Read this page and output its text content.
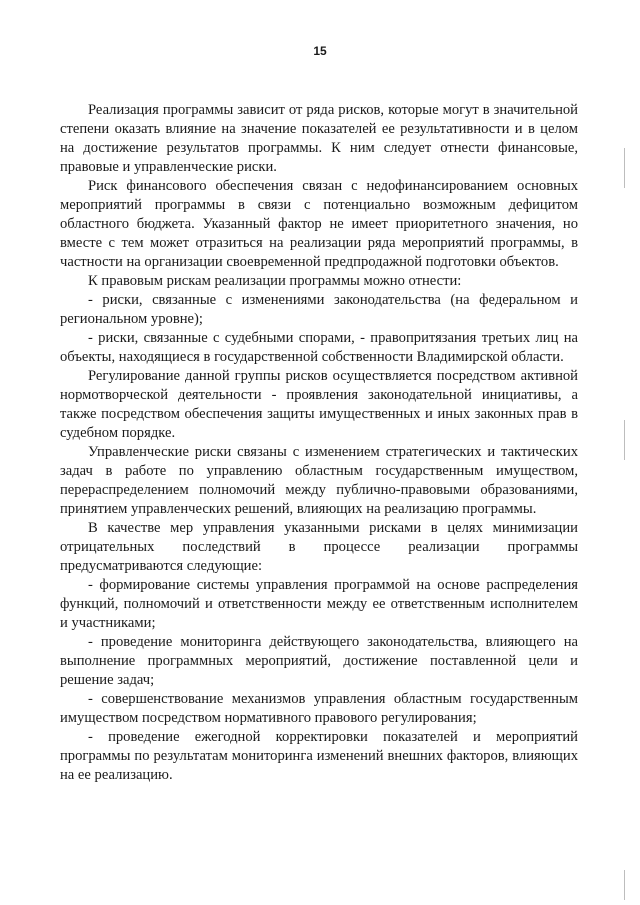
15

Реализация программы зависит от ряда рисков, которые могут в значительной степени оказать влияние на значение показателей ее результативности и в целом на достижение результатов программы. К ним следует отнести финансовые, правовые и управленческие риски.

Риск финансового обеспечения связан с недофинансированием основных мероприятий программы в связи с потенциально возможным дефицитом областного бюджета. Указанный фактор не имеет приоритетного значения, но вместе с тем может отразиться на реализации ряда мероприятий программы, в частности на организации своевременной предпродажной подготовки объектов.

К правовым рискам реализации программы можно отнести:

- риски, связанные с изменениями законодательства (на федеральном и региональном уровне);

- риски, связанные с судебными спорами, - правопритязания третьих лиц на объекты, находящиеся в государственной собственности Владимирской области.

Регулирование данной группы рисков осуществляется посредством активной нормотворческой деятельности - проявления законодательной инициативы, а также посредством обеспечения защиты имущественных и иных законных прав в судебном порядке.

Управленческие риски связаны с изменением стратегических и тактических задач в работе по управлению областным государственным имуществом, перераспределением полномочий между публично-правовыми образованиями, принятием управленческих решений, влияющих на реализацию программы.

В качестве мер управления указанными рисками в целях минимизации отрицательных последствий в процессе реализации программы предусматриваются следующие:

- формирование системы управления программой на основе распределения функций, полномочий и ответственности между ее ответственным исполнителем и участниками;

- проведение мониторинга действующего законодательства, влияющего на выполнение программных мероприятий, достижение поставленной цели и решение задач;

- совершенствование механизмов управления областным государственным имуществом посредством нормативного правового регулирования;

- проведение ежегодной корректировки показателей и мероприятий программы по результатам мониторинга изменений внешних факторов, влияющих на ее реализацию.
